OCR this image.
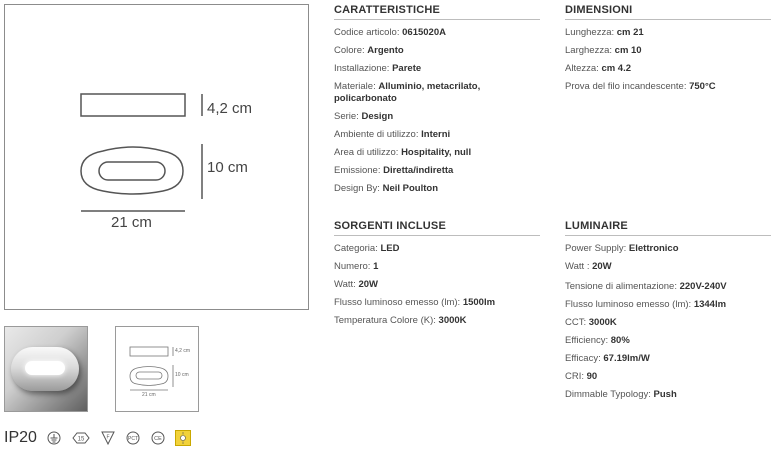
4,2 cm
10 cm
21 cm
4,2 cm
10 cm
21 cm
CARATTERISTICHE
Codice articolo: 0615020A
Colore: Argento
Installazione: Parete
Materiale: Alluminio, metacrilato, policarbonato
Serie: Design
Ambiente di utilizzo: Interni
Area di utilizzo: Hospitality, null
Emissione: Diretta/indiretta
Design By: Neil Poulton
DIMENSIONI
Lunghezza: cm 21
Larghezza: cm 10
Altezza: cm 4.2
Prova del filo incandescente: 750°C
SORGENTI INCLUSE
Categoria: LED
Numero: 1
Watt: 20W
Flusso luminoso emesso (lm): 1500lm
Temperatura Colore (K): 3000K
LUMINAIRE
Power Supply: Elettronico
Watt : 20W
Tensione di alimentazione: 220V-240V
Flusso luminoso emesso (lm): 1344lm
CCT: 3000K
Efficiency: 80%
Efficacy: 67.19lm/W
CRI: 90
Dimmable Typology: Push
IP20	15	F	PCT	CE
